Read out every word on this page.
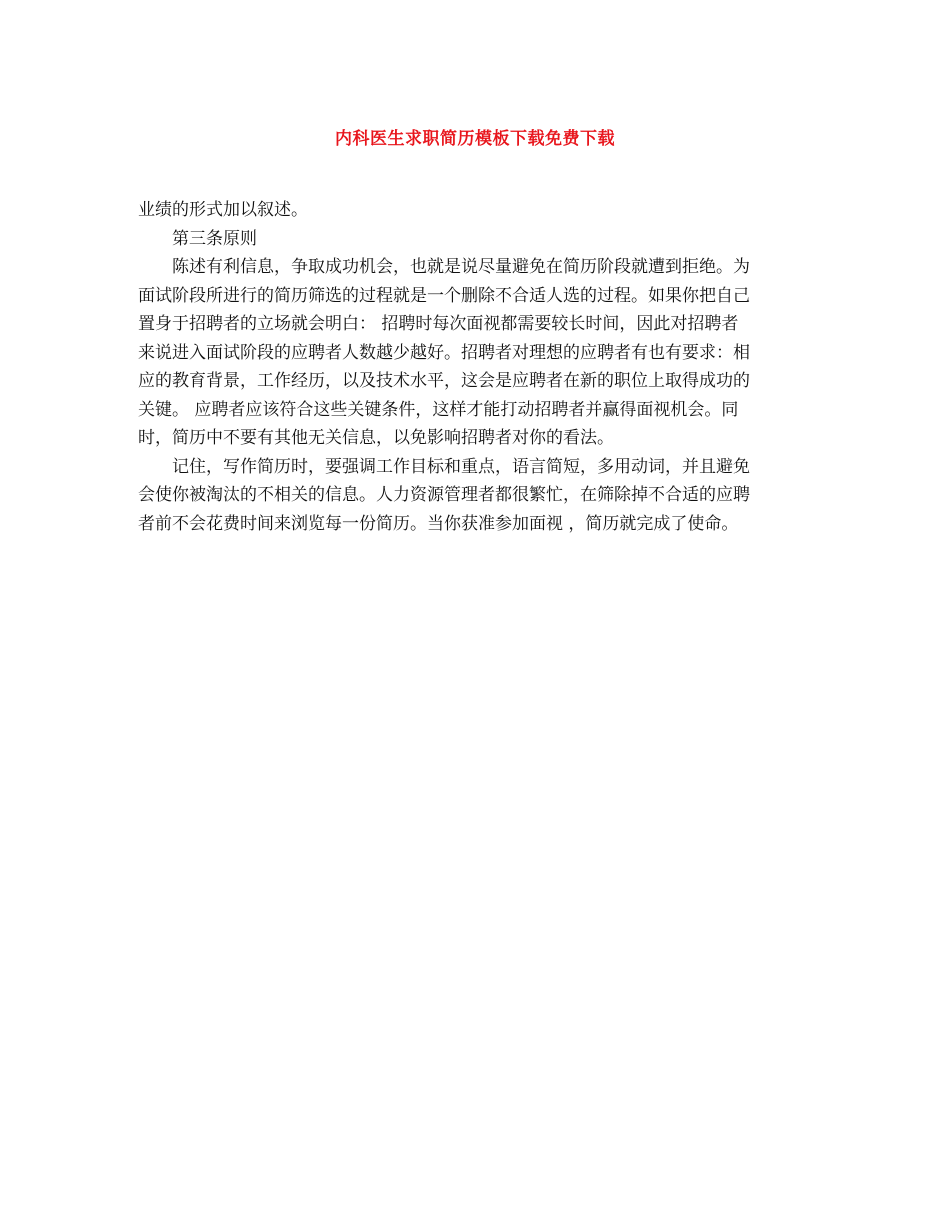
内科医生求职简历模板下载免费下载

业绩的形式加以叙述。

第三条原则

陈述有利信息，争取成功机会，也就是说尽量避免在简历阶段就遭到拒绝。为
面试阶段所进行的简历筛选的过程就是一个删除不合适人选的过程。如果你把自己
置身于招聘者的立场就会明白： 招聘时每次面视都需要较长时间，因此对招聘者
来说进入面试阶段的应聘者人数越少越好。招聘者对理想的应聘者有也有要求：相
应的教育背景，工作经历，以及技术水平，这会是应聘者在新的职位上取得成功的
关键。 应聘者应该符合这些关键条件，这样才能打动招聘者并赢得面视机会。同
时，简历中不要有其他无关信息，以免影响招聘者对你的看法。

记住，写作简历时，要强调工作目标和重点，语言简短，多用动词，并且避免
会使你被淘汰的不相关的信息。人力资源管理者都很繁忙，在筛除掉不合适的应聘
者前不会花费时间来浏览每一份简历。当你获准参加面视 ，简历就完成了使命。
